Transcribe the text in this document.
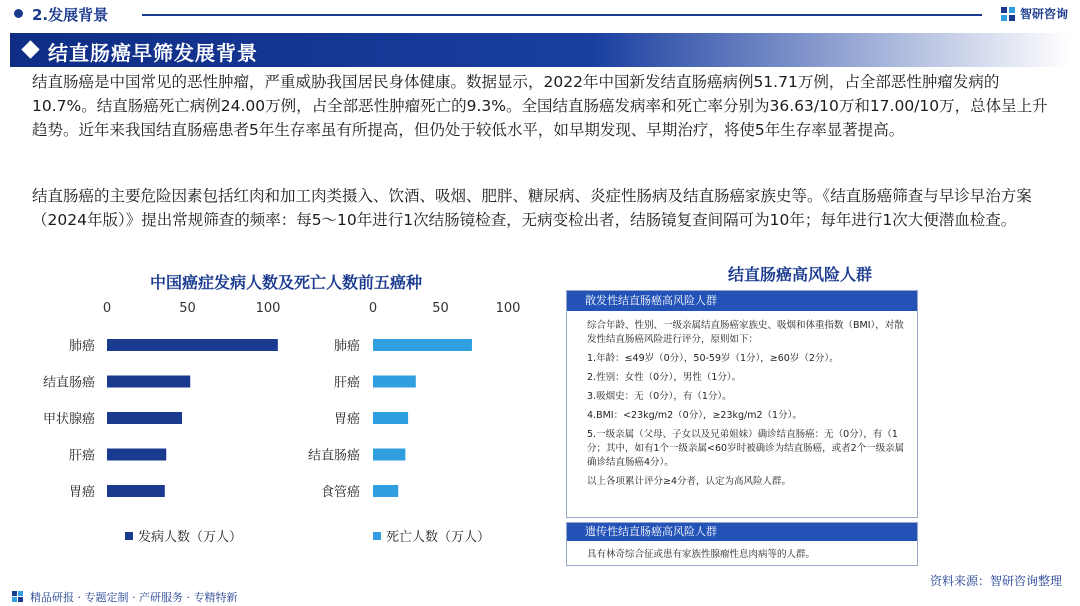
2.发展背景	智研咨询
结直肠癌早筛发展背景
结直肠癌是中国常见的恶性肿瘤，严重威胁我国居民身体健康。数据显示，2022年中国新发结直肠癌病例51.71万例，占全部恶性肿瘤发病的10.7%。结直肠癌死亡病例24.00万例，占全部恶性肿瘤死亡的9.3%。全国结直肠癌发病率和死亡率分别为36.63/10万和17.00/10万，总体呈上升趋势。近年来我国结直肠癌患者5年生存率虽有所提高，但仍处于较低水平，如早期发现、早期治疗，将使5年生存率显著提高。
结直肠癌的主要危险因素包括红肉和加工肉类摄入、饮酒、吸烟、肥胖、糖尿病、炎症性肠病及结直肠癌家族史等。《结直肠癌筛查与早诊早治方案（2024年版）》提出常规筛查的频率：每5～10年进行1次结肠镜检查，无病变检出者，结肠镜复查间隔可为10年；每年进行1次大便潜血检查。
中国癌症发病人数及死亡人数前五癌种
0	50	100
肺癌
结直肠癌
甲状腺癌
肝癌
胃癌
发病人数（万人）
0	50	100
肺癌
肝癌
胃癌
结直肠癌
食管癌
死亡人数（万人）
结直肠癌高风险人群
散发性结直肠癌高风险人群

综合年龄、性别、一级亲属结直肠癌家族史、吸烟和体重指数（BMI），对散发性结直肠癌风险进行评分，原则如下：

1.年龄：≤49岁（0分），50-59岁（1分），≥60岁（2分）。

2.性别：女性（0分），男性（1分）。

3.吸烟史：无（0分），有（1分）。

4.BMI：<23kg/m2（0分），≥23kg/m2（1分）。

5.一级亲属（父母、子女以及兄弟姐妹）确诊结直肠癌：无（0分），有（1分；其中，如有1个一级亲属<60岁时被确诊为结直肠癌，或者2个一级亲属确诊结直肠癌4分）。

以上各项累计评分≥4分者，认定为高风险人群。

遗传性结直肠癌高风险人群
具有林奇综合征或患有家族性腺瘤性息肉病等的人群。
资料来源：智研咨询整理
精品研报 · 专题定制 · 产研服务 · 专精特新
